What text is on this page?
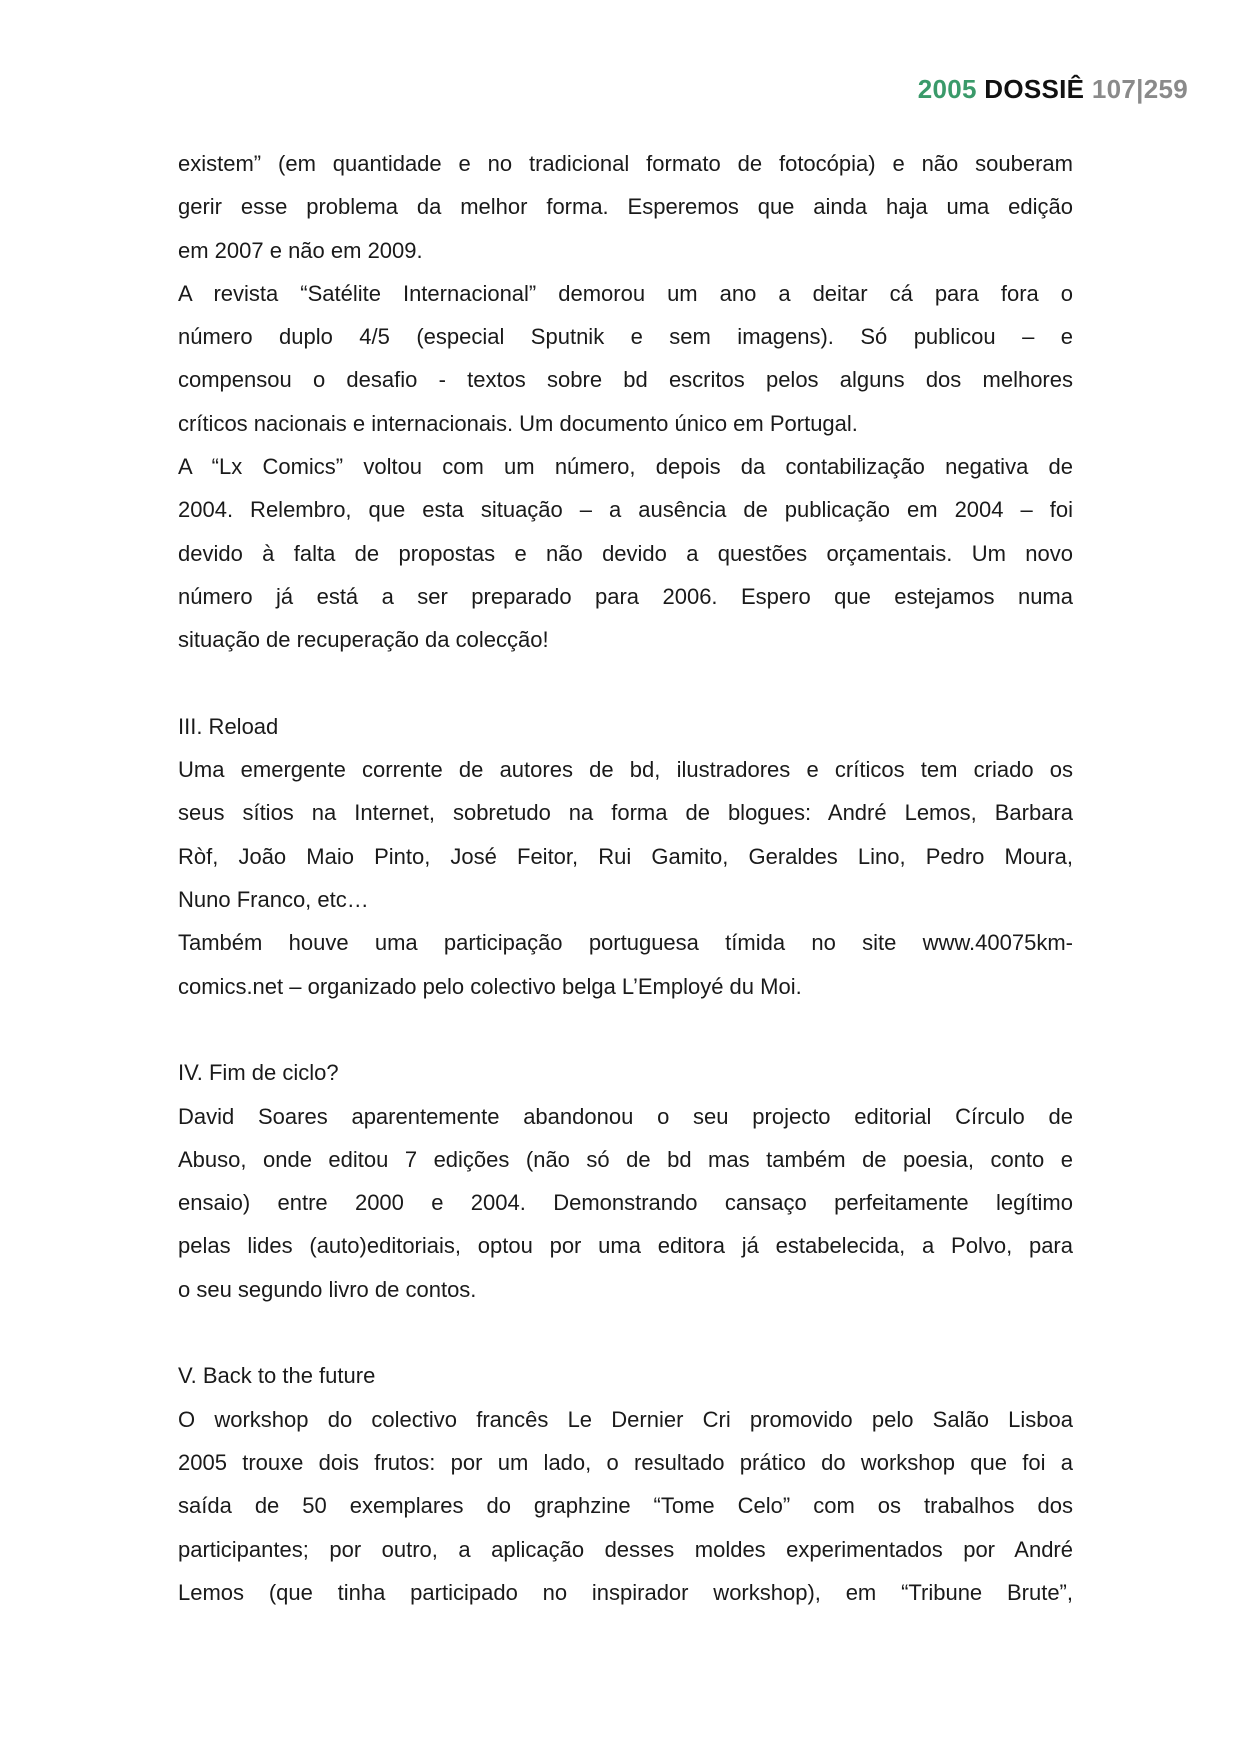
2005 DOSSIÊ 107|259
existem” (em quantidade e no tradicional formato de fotocópia) e não souberam
gerir esse problema da melhor forma. Esperemos que ainda haja uma edição
em 2007 e não em 2009.
A revista “Satélite Internacional” demorou um ano a deitar cá para fora o
número duplo 4/5 (especial Sputnik e sem imagens). Só publicou – e
compensou o desafio - textos sobre bd escritos pelos alguns dos melhores
críticos nacionais e internacionais. Um documento único em Portugal.
A “Lx Comics” voltou com um número, depois da contabilização negativa de
2004. Relembro, que esta situação – a ausência de publicação em 2004 – foi
devido à falta de propostas e não devido a questões orçamentais. Um novo
número já está a ser preparado para 2006. Espero que estejamos numa
situação de recuperação da colecção!
III. Reload
Uma emergente corrente de autores de bd, ilustradores e críticos tem criado os
seus sítios na Internet, sobretudo na forma de blogues: André Lemos, Barbara
Ròf, João Maio Pinto, José Feitor, Rui Gamito, Geraldes Lino, Pedro Moura,
Nuno Franco, etc…
Também houve uma participação portuguesa tímida no site www.40075km-
comics.net – organizado pelo colectivo belga L’Employé du Moi.
IV. Fim de ciclo?
David Soares aparentemente abandonou o seu projecto editorial Círculo de
Abuso, onde editou 7 edições (não só de bd mas também de poesia, conto e
ensaio) entre 2000 e 2004. Demonstrando cansaço perfeitamente legítimo
pelas lides (auto)editoriais, optou por uma editora já estabelecida, a Polvo, para
o seu segundo livro de contos.
V. Back to the future
O workshop do colectivo francês Le Dernier Cri promovido pelo Salão Lisboa
2005 trouxe dois frutos: por um lado, o resultado prático do workshop que foi a
saída de 50 exemplares do graphzine “Tome Celo” com os trabalhos dos
participantes; por outro, a aplicação desses moldes experimentados por André
Lemos (que tinha participado no inspirador workshop), em “Tribune Brute”,
